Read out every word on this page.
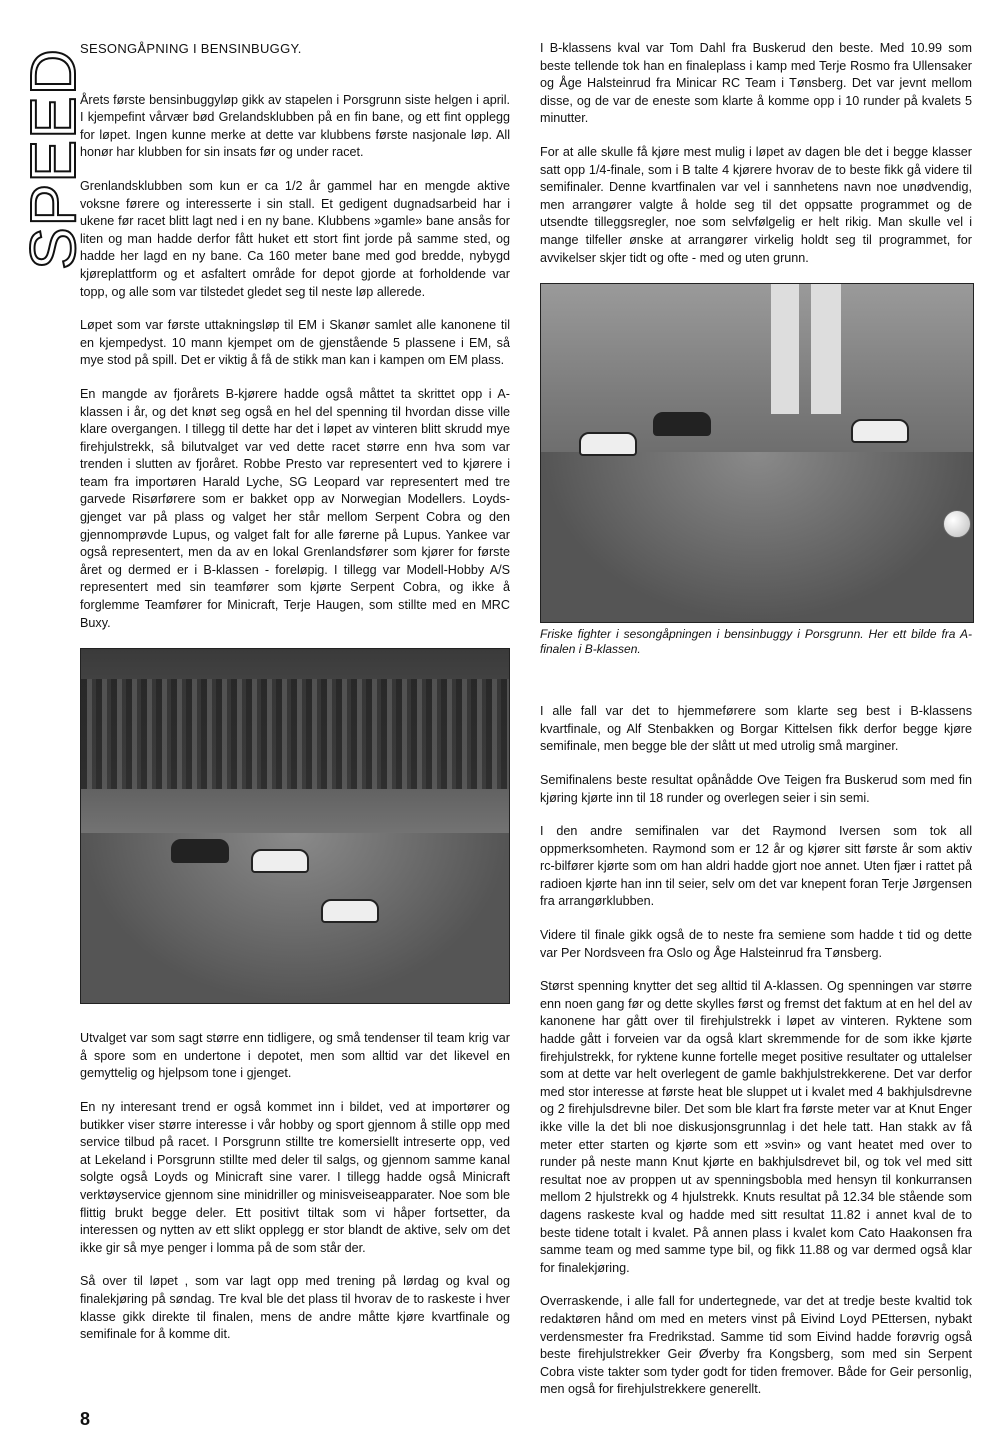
SPEED
SESONGÅPNING I BENSINBUGGY.

Årets første bensinbuggyløp gikk av stapelen i Porsgrunn siste helgen i april. I kjempefint vårvær bød Grelandsklubben på en fin bane, og ett fint opplegg for løpet. Ingen kunne merke at dette var klubbens første nasjonale løp. All honør har klubben for sin insats før og under racet.

Grenlandsklubben som kun er ca 1/2 år gammel har en mengde aktive voksne førere og interesserte i sin stall. Et gedigent dugnadsarbeid har i ukene før racet blitt lagt ned i en ny bane. Klubbens »gamle» bane ansås for liten og man hadde derfor fått huket ett stort fint jorde på samme sted, og hadde her lagd en ny bane. Ca 160 meter bane med god bredde, nybygd kjøreplattform og et asfaltert område for depot gjorde at forholdende var topp, og alle som var tilstedet gledet seg til neste løp allerede.

Løpet som var første uttakningsløp til EM i Skanør samlet alle kanonene til en kjempedyst. 10 mann kjempet om de gjenstående 5 plassene i EM, så mye stod på spill. Det er viktig å få de stikk man kan i kampen om EM plass.

En mangde av fjorårets B-kjørere hadde også måttet ta skrittet opp i A-klassen i år, og det knøt seg også en hel del spenning til hvordan disse ville klare overgangen. I tillegg til dette har det i løpet av vinteren blitt skrudd mye firehjulstrekk, så bilutvalget var ved dette racet større enn hva som var trenden i slutten av fjoråret. Robbe Presto var representert ved to kjørere i team fra importøren Harald Lyche, SG Leopard var representert med tre garvede Risørførere som er bakket opp av Norwegian Modellers. Loyds-gjenget var på plass og valget her står mellom Serpent Cobra og den gjennomprøvde Lupus, og valget falt for alle førerne på Lupus. Yankee var også representert, men da av en lokal Grenlandsfører som kjører for første året og dermed er i B-klassen - foreløpig. I tillegg var Modell-Hobby A/S representert med sin teamfører som kjørte Serpent Cobra, og ikke å forglemme Teamfører for Minicraft, Terje Haugen, som stillte med en MRC Buxy.

Utvalget var som sagt større enn tidligere, og små tendenser til team krig var å spore som en undertone i depotet, men som alltid var det likevel en gemyttelig og hjelpsom tone i gjenget.

En ny interesant trend er også kommet inn i bildet, ved at importører og butikker viser større interesse i vår hobby og sport gjennom å stille opp med service tilbud på racet. I Porsgrunn stillte tre komersiellt intreserte opp, ved at Lekeland i Porsgrunn stillte med deler til salgs, og gjennom samme kanal solgte også Loyds og Minicraft sine varer. I tillegg hadde også Minicraft verktøyservice gjennom sine minidriller og minisveiseapparater. Noe som ble flittig brukt begge deler. Ett positivt tiltak som vi håper fortsetter, da interessen og nytten av ett slikt opplegg er stor blandt de aktive, selv om det ikke gir så mye penger i lomma på de som står der.

Så over til løpet , som var lagt opp med trening på lørdag og kval og finalekjøring på søndag. Tre kval ble det plass til hvorav de to raskeste i hver klasse gikk direkte til finalen, mens de andre måtte kjøre kvartfinale og semifinale for å komme dit.

I B-klassens kval var Tom Dahl fra Buskerud den beste. Med 10.99 som beste tellende tok han en finaleplass i kamp med Terje Rosmo fra Ullensaker og Åge Halsteinrud fra Minicar RC Team i Tønsberg. Det var jevnt mellom disse, og de var de eneste som klarte å komme opp i 10 runder på kvalets 5 minutter.

For at alle skulle få kjøre mest mulig i løpet av dagen ble det i begge klasser satt opp 1/4-finale, som i B talte 4 kjørere hvorav de to beste fikk gå videre til semifinaler. Denne kvartfinalen var vel i sannhetens navn noe unødvendig, men arrangører valgte å holde seg til det oppsatte programmet og de utsendte tilleggsregler, noe som selvfølgelig er helt rikig. Man skulle vel i mange tilfeller ønske at arrangører virkelig holdt seg til programmet, for avvikelser skjer tidt og ofte - med og uten grunn.

Friske fighter i sesongåpningen i bensinbuggy i Porsgrunn. Her ett bilde fra A-finalen i B-klassen.

I alle fall var det to hjemmeførere som klarte seg best i B-klassens kvartfinale, og Alf Stenbakken og Borgar Kittelsen fikk derfor begge kjøre semifinale, men begge ble der slått ut med utrolig små marginer.

Semifinalens beste resultat opånådde Ove Teigen fra Buskerud som med fin kjøring kjørte inn til 18 runder og overlegen seier i sin semi.

I den andre semifinalen var det Raymond Iversen som tok all oppmerksomheten. Raymond som er 12 år og kjører sitt første år som aktiv rc-bilfører kjørte som om han aldri hadde gjort noe annet. Uten fjær i rattet på radioen kjørte han inn til seier, selv om det var knepent foran Terje Jørgensen fra arrangørklubben.

Videre til finale gikk også de to neste fra semiene som hadde t tid og dette var Per Nordsveen fra Oslo og Åge Halsteinrud fra Tønsberg.

Størst spenning knytter det seg alltid til A-klassen. Og spenningen var større enn noen gang før og dette skylles først og fremst det faktum at en hel del av kanonene har gått over til firehjulstrekk i løpet av vinteren. Ryktene som hadde gått i forveien var da også klart skremmende for de som ikke kjørte firehjulstrekk, for ryktene kunne fortelle meget positive resultater og uttalelser som at dette var helt overlegent de gamle bakhjulstrekkerene. Det var derfor med stor interesse at første heat ble sluppet ut i kvalet med 4 bakhjulsdrevne og 2 firehjulsdrevne biler. Det som ble klart fra første meter var at Knut Enger ikke ville la det bli noe diskusjonsgrunnlag i det hele tatt. Han stakk av få meter etter starten og kjørte som ett »svin» og vant heatet med over to runder på neste mann Knut kjørte en bakhjulsdrevet bil, og tok vel med sitt resultat noe av proppen ut av spenningsbobla med hensyn til konkurransen mellom 2 hjulstrekk og 4 hjulstrekk. Knuts resultat på 12.34 ble stående som dagens raskeste kval og hadde med sitt resultat 11.82 i annet kval de to beste tidene totalt i kvalet. På annen plass i kvalet kom Cato Haakonsen fra samme team og med samme type bil, og fikk 11.88 og var dermed også klar for finalekjøring.

Overraskende, i alle fall for undertegnede, var det at tredje beste kvaltid tok redaktøren hånd om med en meters vinst på Eivind Loyd PEttersen, nybakt verdensmester fra Fredrikstad. Samme tid som Eivind hadde forøvrig også beste firehjulstrekker Geir Øverby fra Kongsberg, som med sin Serpent Cobra viste takter som tyder godt for tiden fremover. Både for Geir personlig, men også for firehjulstrekkere generellt.

8
